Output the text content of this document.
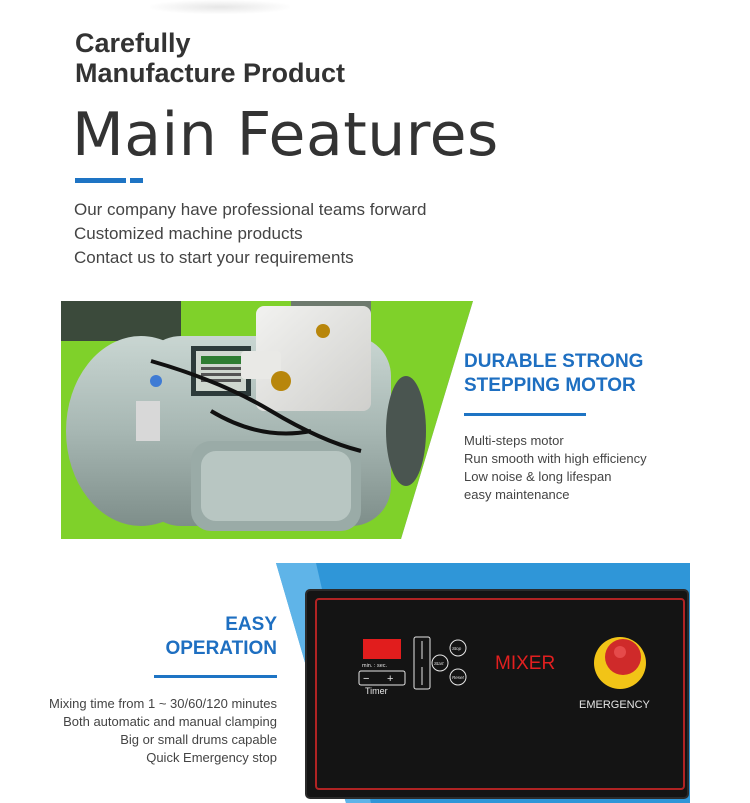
Carefully
Manufacture Product
Main Features
Our company have professional teams forward
Customized machine products
Contact us to start your requirements
DURABLE STRONG
STEPPING MOTOR
Multi-steps motor
Run smooth with high efficiency
Low noise & long lifespan
easy maintenance
EASY
OPERATION
Mixing time from 1 ~ 30/60/120 minutes
Both automatic and manual clamping
Big or small drums capable
Quick Emergency stop
min. : sec.
− +
Timer
Stop
Start
Reset
MIXER
EMERGENCY
